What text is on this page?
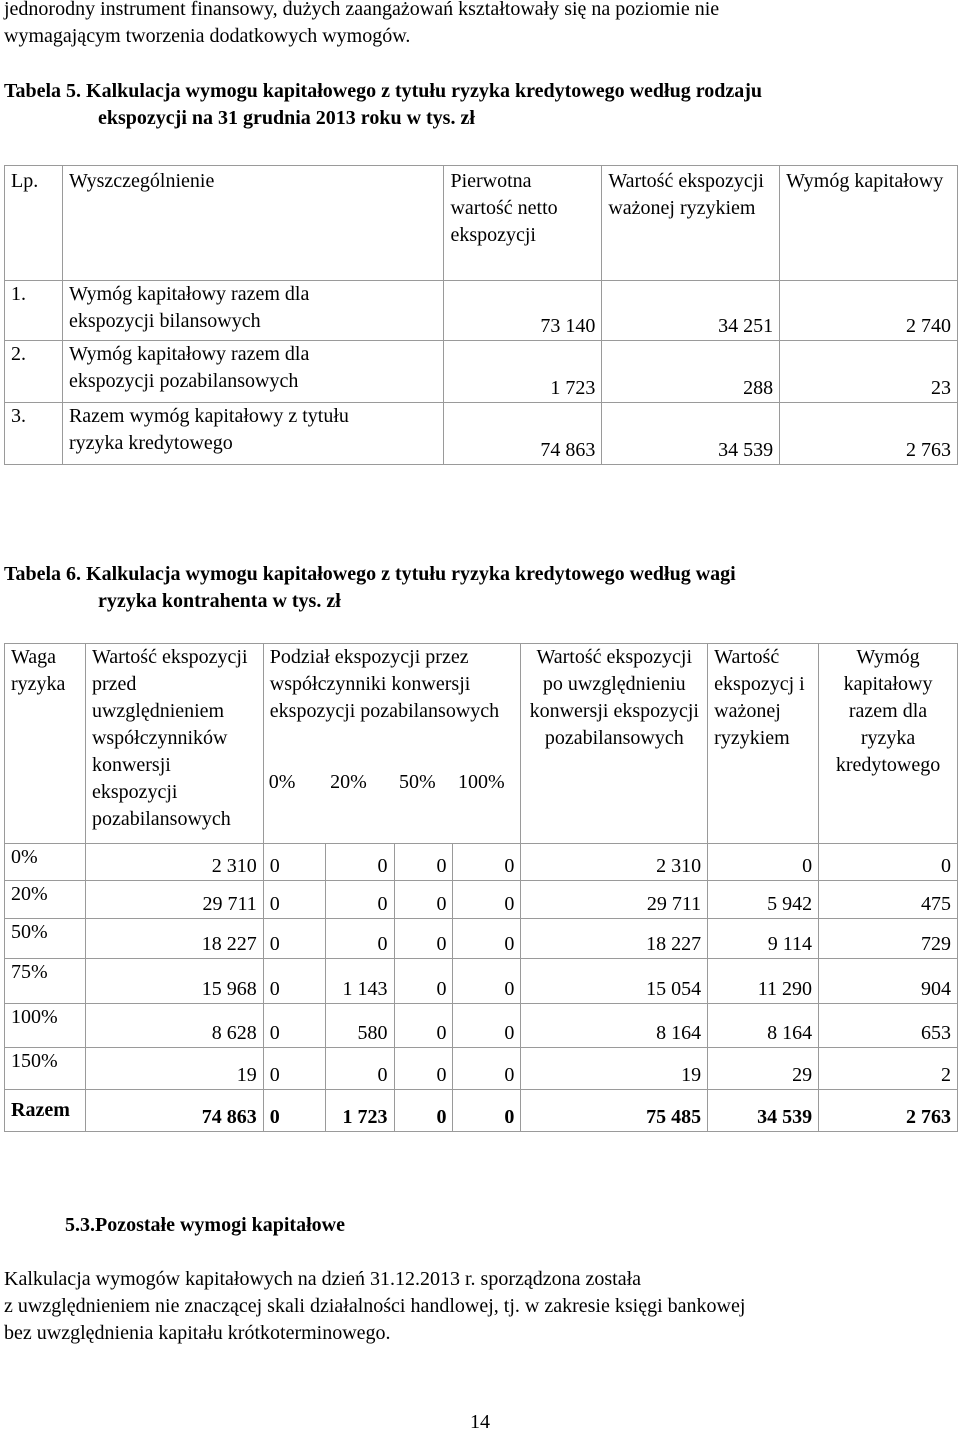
jednorodny instrument finansowy, dużych zaangażowań kształtowały się na poziomie nie
wymagającym tworzenia dodatkowych wymogów.
Tabela 5. Kalkulacja wymogu kapitałowego z tytułu ryzyka kredytowego według rodzaju
ekspozycji na 31 grudnia 2013 roku w tys. zł
Lp.	Wyszczególnienie	Pierwotna wartość netto ekspozycji	Wartość ekspozycji ważonej ryzykiem	Wymóg kapitałowy
1.	Wymóg kapitałowy razem dla
ekspozycji bilansowych	73 140	34 251	2 740
2.	Wymóg kapitałowy razem dla
ekspozycji pozabilansowych	1 723	288	23
3.	Razem wymóg kapitałowy z tytułu
ryzyka kredytowego	74 863	34 539	2 763
Tabela 6. Kalkulacja wymogu kapitałowego z tytułu ryzyka kredytowego według wagi
ryzyka kontrahenta w tys. zł
Waga ryzyka	Wartość ekspozycji przed uwzględnieniem współczynników konwersji ekspozycji pozabilansowych	Podział ekspozycji przez współczynniki konwersji ekspozycji pozabilansowych				Wartość ekspozycji po uwzględnieniu konwersji ekspozycji pozabilansowych	Wartość ekspozycj i ważonej ryzykiem	Wymóg kapitałowy razem dla ryzyka kredytowego
		0%	20%	50%	100%			
0%	2 310	0	0	0	0	2 310	0	0
20%	29 711	0	0	0	0	29 711	5 942	475
50%	18 227	0	0	0	0	18 227	9 114	729
75%	15 968	0	1 143	0	0	15 054	11 290	904
100%	8 628	0	580	0	0	8 164	8 164	653
150%	19	0	0	0	0	19	29	2
Razem	74 863	0	1 723	0	0	75 485	34 539	2 763
5.3.Pozostałe wymogi kapitałowe
Kalkulacja wymogów kapitałowych na dzień 31.12.2013 r. sporządzona została
z uwzględnieniem nie znaczącej skali działalności handlowej, tj. w zakresie księgi bankowej
bez uwzględnienia kapitału krótkoterminowego.
14
